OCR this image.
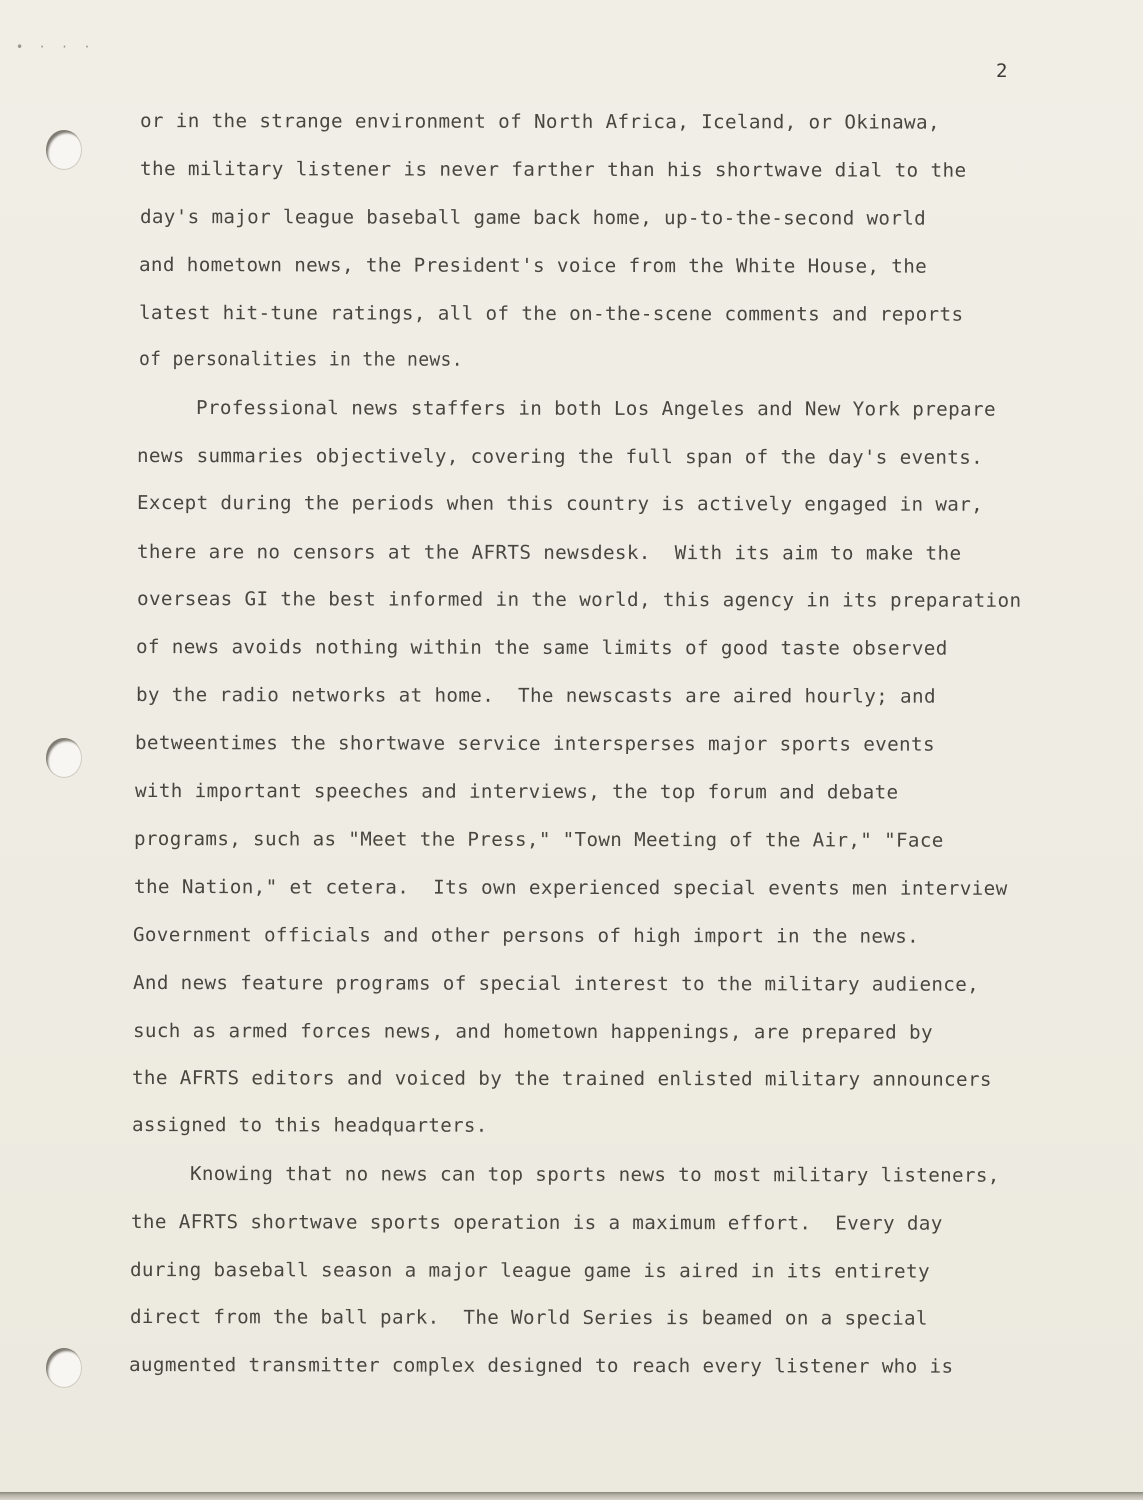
• · · ·
2
or in the strange environment of North Africa, Iceland, or Okinawa,
the military listener is never farther than his shortwave dial to the
day's major league baseball game back home, up-to-the-second world
and hometown news, the President's voice from the White House, the
latest hit-tune ratings, all of the on-the-scene comments and reports
of personalities in the news.
Professional news staffers in both Los Angeles and New York prepare
news summaries objectively, covering the full span of the day's events.
Except during the periods when this country is actively engaged in war,
there are no censors at the AFRTS newsdesk.  With its aim to make the
overseas GI the best informed in the world, this agency in its preparation
of news avoids nothing within the same limits of good taste observed
by the radio networks at home.  The newscasts are aired hourly; and
betweentimes the shortwave service intersperses major sports events
with important speeches and interviews, the top forum and debate
programs, such as "Meet the Press," "Town Meeting of the Air," "Face
the Nation," et cetera.  Its own experienced special events men interview
Government officials and other persons of high import in the news.
And news feature programs of special interest to the military audience,
such as armed forces news, and hometown happenings, are prepared by
the AFRTS editors and voiced by the trained enlisted military announcers
assigned to this headquarters.
Knowing that no news can top sports news to most military listeners,
the AFRTS shortwave sports operation is a maximum effort.  Every day
during baseball season a major league game is aired in its entirety
direct from the ball park.  The World Series is beamed on a special
augmented transmitter complex designed to reach every listener who is
